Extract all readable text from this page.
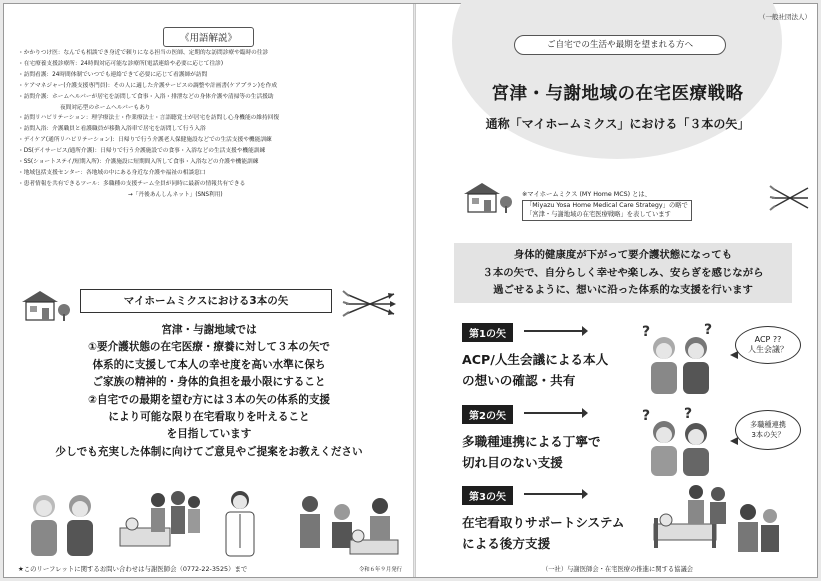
《用語解説》
・ かかりつけ医：なんでも相談でき身近で頼りになる担当の医師、定期的な訪問診療や臨時の往診
・ 在宅療養支援診療所：24時間対応可能な診療所(電話連絡や必要に応じて往診)
・ 訪問看護：24時間体制でいつでも連絡できて必要に応じて看護師が訪問
・ ケアマネジャー(介護支援専門員)：その人に適した介護サービスの調整や計画書(ケアプラン)を作成
・ 訪問介護：ホームヘルパーが居宅を訪問して食事・入浴・排泄などの身体介護や清掃等の生活援助
夜間対応型のホームヘルパーもあり
・ 訪問リハビリテーション：理学療法士・作業療法士・言語聴覚士が居宅を訪問し心身機能の維持回復
・ 訪問入浴：介護職員と看護職員が移動入浴車で居宅を訪問して行う入浴
・ デイケア(通所リハビリテーション)：日帰りで行う介護老人保健施設などでの生活支援や機能訓練
・ DS(デイサービス/通所介護)：日帰りで行う介護施設での食事・入浴などの生活支援や機能訓練
・ SS(ショートステイ/短期入所)：介護施設に短期間入所して食事・入浴などの介護や機能訓練
・ 地域包括支援センター：各地域の中にある身近な介護や福祉の相談窓口
・ 患者情報を共有できるツール：多職種の支援チーム全員が同時に最新の情報共有できる
→「丹後あんしんネット」(SNS利用)
マイホームミクスにおける3本の矢
宮津・与謝地域では
①要介護状態の在宅医療・療養に対して３本の矢で
体系的に支援して本人の幸せ度を高い水準に保ち
ご家族の精神的・身体的負担を最小限にすること
②自宅での最期を望む方には３本の矢の体系的支援
により可能な限り在宅看取りを叶えること
を目指しています
少しでも充実した体制に向けてご意見やご提案をお教えください
★このリーフレットに関するお問い合わせは与謝医師会（0772-22-3525）まで	令和６年９月発行
（一般社団法人）
ご自宅での生活や最期を望まれる方へ
宮津・与謝地域の在宅医療戦略
通称「マイホームミクス」における「３本の矢」
※マイホームミクス (MY Home MCS) とは、
「Miyazu Yosa Home Medical Care Strategy」の略で
「宮津・与謝地域の在宅医療戦略」を表しています
身体的健康度が下がって要介護状態になっても
３本の矢で、自分らしく幸せや楽しみ、安らぎを感じながら
過ごせるように、想いに沿った体系的な支援を行います
第1の矢
ACP/人生会議による本人
の想いの確認・共有
?	?
ACP ??
人生会議？
第2の矢
多職種連携による丁寧で
切れ目のない支援
? ?
多職種連携
3本の矢？
第3の矢
在宅看取りサポートシステム
による後方支援
（一社）与謝医師会・在宅医療の推進に関する協議会
